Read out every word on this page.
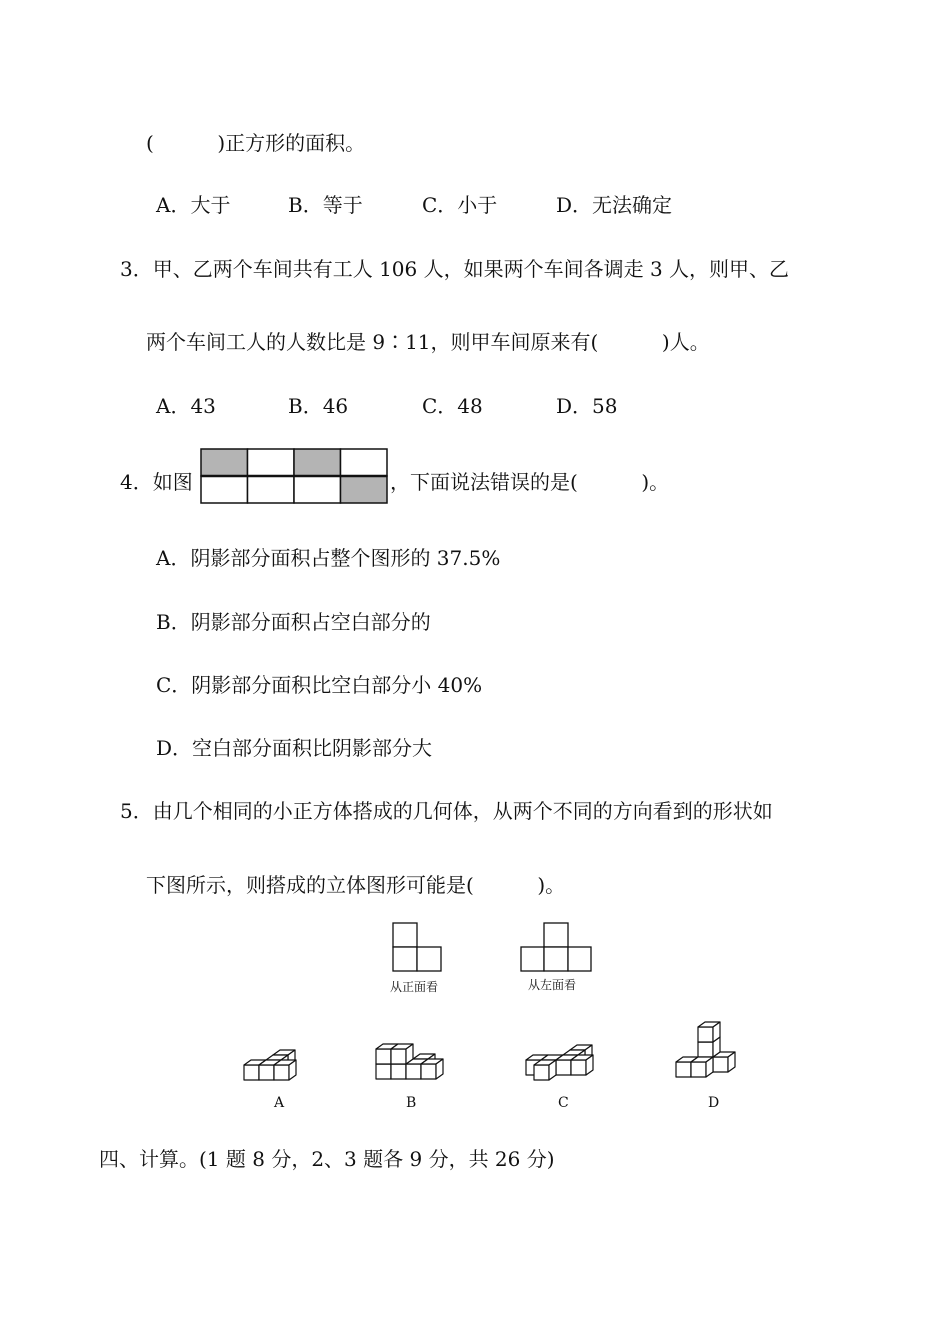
(          )正方形的面积。
A．大于	B．等于	C．小于	D．无法确定
3．甲、乙两个车间共有工人 106 人，如果两个车间各调走 3 人，则甲、乙
两个车间工人的人数比是 9∶11，则甲车间原来有(          )人。
A．43	B．46	C．48	D．58
4．如图	，下面说法错误的是(          )。
A．阴影部分面积占整个图形的 37.5%
B．阴影部分面积占空白部分的
C．阴影部分面积比空白部分小 40%
D．空白部分面积比阴影部分大
5．由几个相同的小正方体搭成的几何体，从两个不同的方向看到的形状如
下图所示，则搭成的立体图形可能是(          )。
从正面看	从左面看
A	B	C	D
四、计算。(1 题 8 分，2、3 题各 9 分，共 26 分)
